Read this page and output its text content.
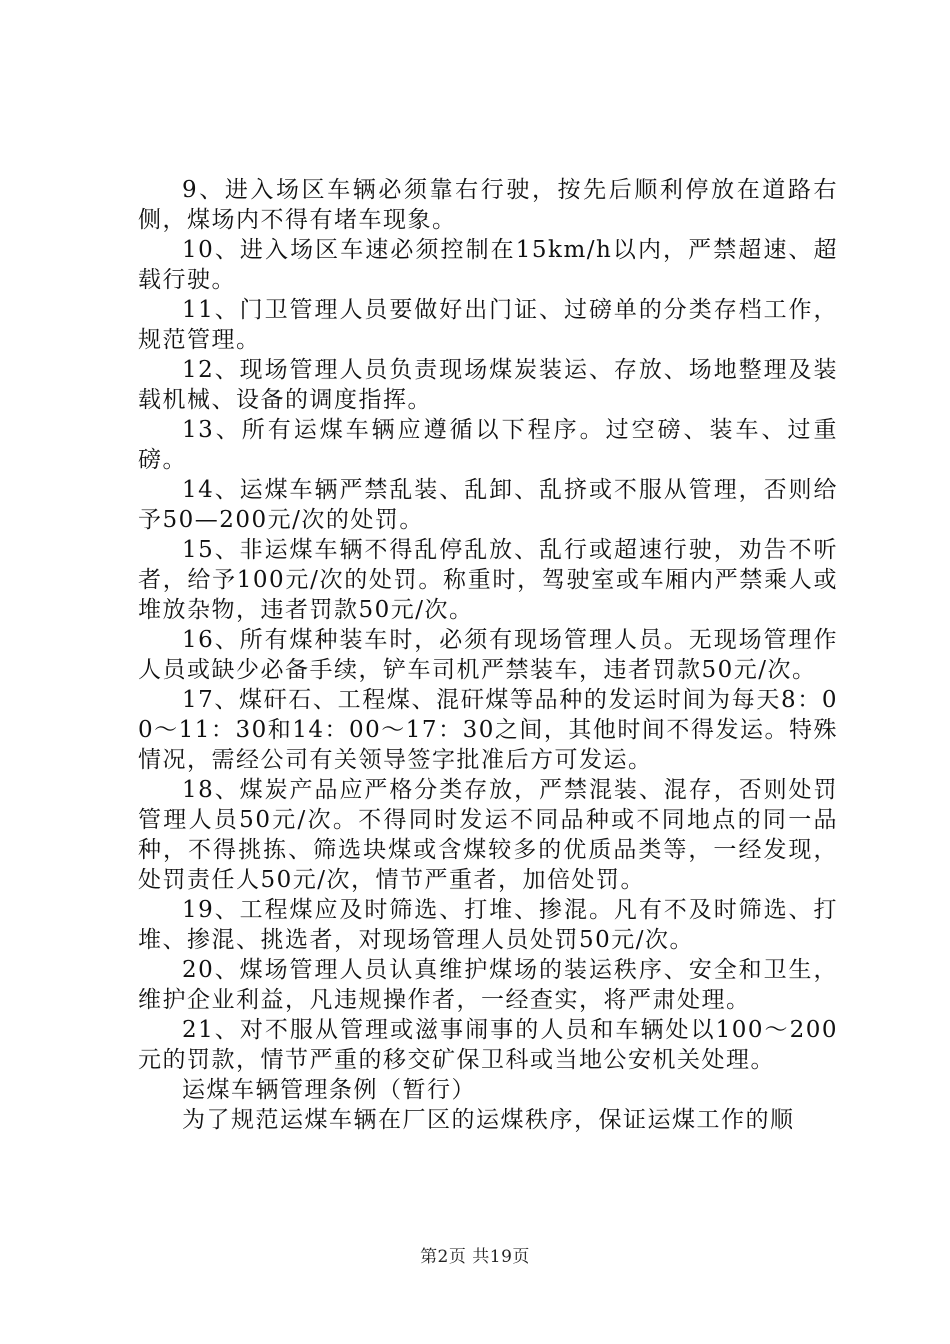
9、进入场区车辆必须靠右行驶，按先后顺利停放在道路右侧，煤场内不得有堵车现象。

10、进入场区车速必须控制在15km/h以内，严禁超速、超载行驶。

11、门卫管理人员要做好出门证、过磅单的分类存档工作，规范管理。

12、现场管理人员负责现场煤炭装运、存放、场地整理及装载机械、设备的调度指挥。

13、所有运煤车辆应遵循以下程序。过空磅、装车、过重磅。

14、运煤车辆严禁乱装、乱卸、乱挤或不服从管理，否则给予50—200元/次的处罚。

15、非运煤车辆不得乱停乱放、乱行或超速行驶，劝告不听者，给予100元/次的处罚。称重时，驾驶室或车厢内严禁乘人或堆放杂物，违者罚款50元/次。

16、所有煤种装车时，必须有现场管理人员。无现场管理作人员或缺少必备手续，铲车司机严禁装车，违者罚款50元/次。

17、煤矸石、工程煤、混矸煤等品种的发运时间为每天8：00～11：30和14：00～17：30之间，其他时间不得发运。特殊情况，需经公司有关领导签字批准后方可发运。

18、煤炭产品应严格分类存放，严禁混装、混存，否则处罚管理人员50元/次。不得同时发运不同品种或不同地点的同一品种，不得挑拣、筛选块煤或含煤较多的优质品类等，一经发现，处罚责任人50元/次，情节严重者，加倍处罚。

19、工程煤应及时筛选、打堆、掺混。凡有不及时筛选、打堆、掺混、挑选者，对现场管理人员处罚50元/次。

20、煤场管理人员认真维护煤场的装运秩序、安全和卫生，维护企业利益，凡违规操作者，一经查实，将严肃处理。

21、对不服从管理或滋事闹事的人员和车辆处以100～200元的罚款，情节严重的移交矿保卫科或当地公安机关处理。

运煤车辆管理条例（暂行）

为了规范运煤车辆在厂区的运煤秩序，保证运煤工作的顺

第2页 共19页
